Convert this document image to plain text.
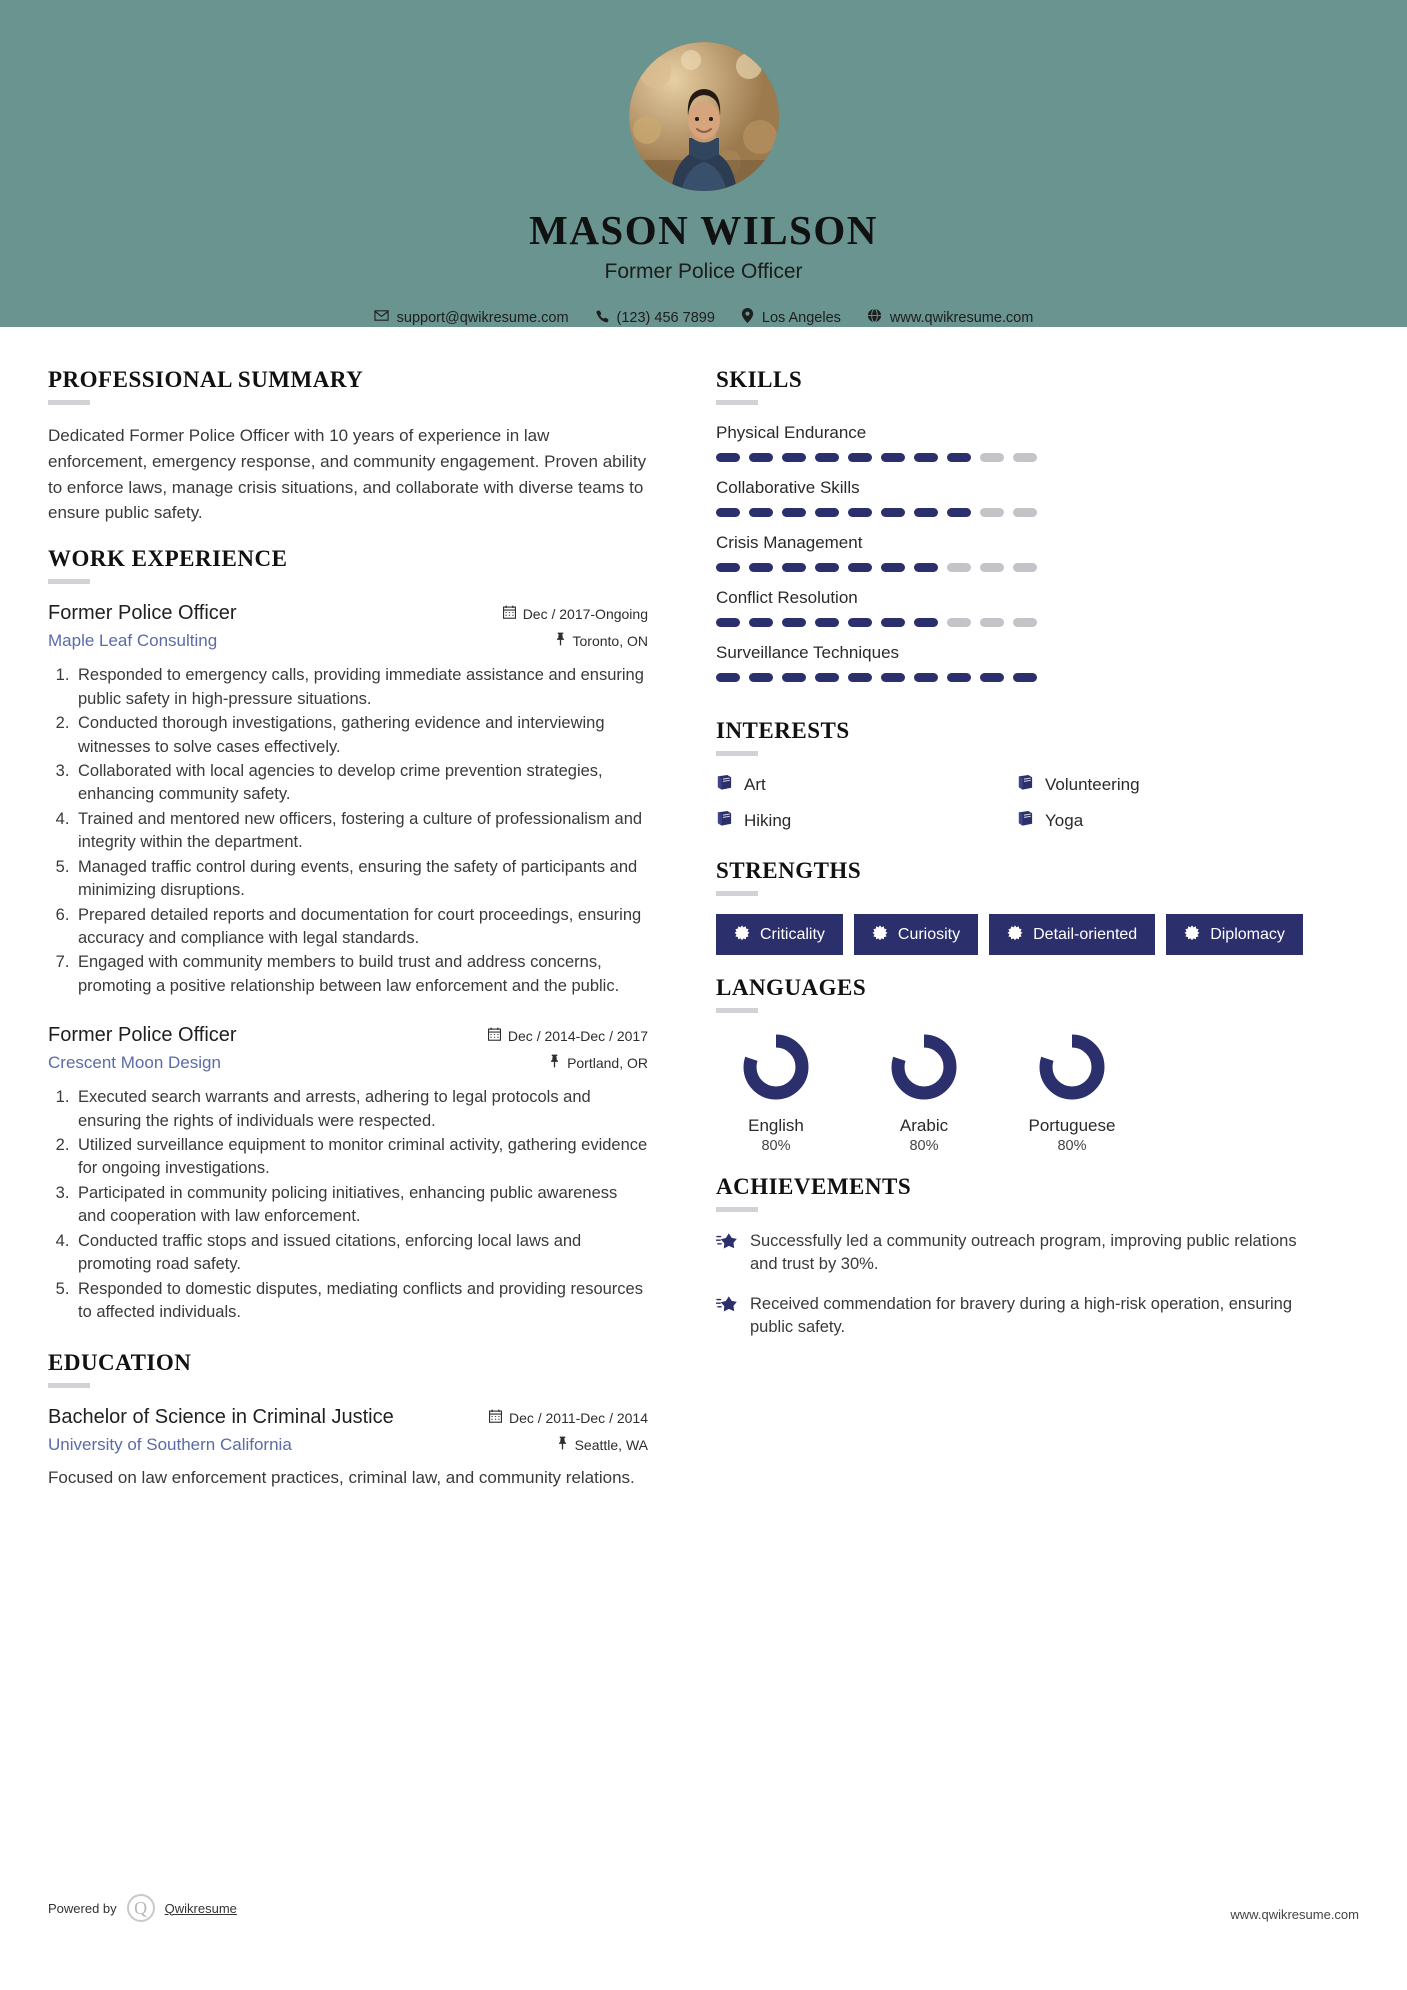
MASON WILSON
Former Police Officer
support@qwikresume.com	(123) 456 7899	Los Angeles	www.qwikresume.com
PROFESSIONAL SUMMARY
Dedicated Former Police Officer with 10 years of experience in law enforcement, emergency response, and community engagement. Proven ability to enforce laws, manage crisis situations, and collaborate with diverse teams to ensure public safety.
WORK EXPERIENCE
Former Police Officer	Dec / 2017-Ongoing
Maple Leaf Consulting	Toronto, ON
1. Responded to emergency calls, providing immediate assistance and ensuring public safety in high-pressure situations.
2. Conducted thorough investigations, gathering evidence and interviewing witnesses to solve cases effectively.
3. Collaborated with local agencies to develop crime prevention strategies, enhancing community safety.
4. Trained and mentored new officers, fostering a culture of professionalism and integrity within the department.
5. Managed traffic control during events, ensuring the safety of participants and minimizing disruptions.
6. Prepared detailed reports and documentation for court proceedings, ensuring accuracy and compliance with legal standards.
7. Engaged with community members to build trust and address concerns, promoting a positive relationship between law enforcement and the public.
Former Police Officer	Dec / 2014-Dec / 2017
Crescent Moon Design	Portland, OR
1. Executed search warrants and arrests, adhering to legal protocols and ensuring the rights of individuals were respected.
2. Utilized surveillance equipment to monitor criminal activity, gathering evidence for ongoing investigations.
3. Participated in community policing initiatives, enhancing public awareness and cooperation with law enforcement.
4. Conducted traffic stops and issued citations, enforcing local laws and promoting road safety.
5. Responded to domestic disputes, mediating conflicts and providing resources to affected individuals.
EDUCATION
Bachelor of Science in Criminal Justice	Dec / 2011-Dec / 2014
University of Southern California	Seattle, WA
Focused on law enforcement practices, criminal law, and community relations.
SKILLS
Physical Endurance
Collaborative Skills
Crisis Management
Conflict Resolution
Surveillance Techniques
INTERESTS
Art	Volunteering
Hiking	Yoga
STRENGTHS
Criticality	Curiosity	Detail-oriented	Diplomacy
LANGUAGES
English
80%
Arabic
80%
Portuguese
80%
ACHIEVEMENTS
Successfully led a community outreach program, improving public relations and trust by 30%.
Received commendation for bravery during a high-risk operation, ensuring public safety.
Powered by Q	Qwikresume	www.qwikresume.com
